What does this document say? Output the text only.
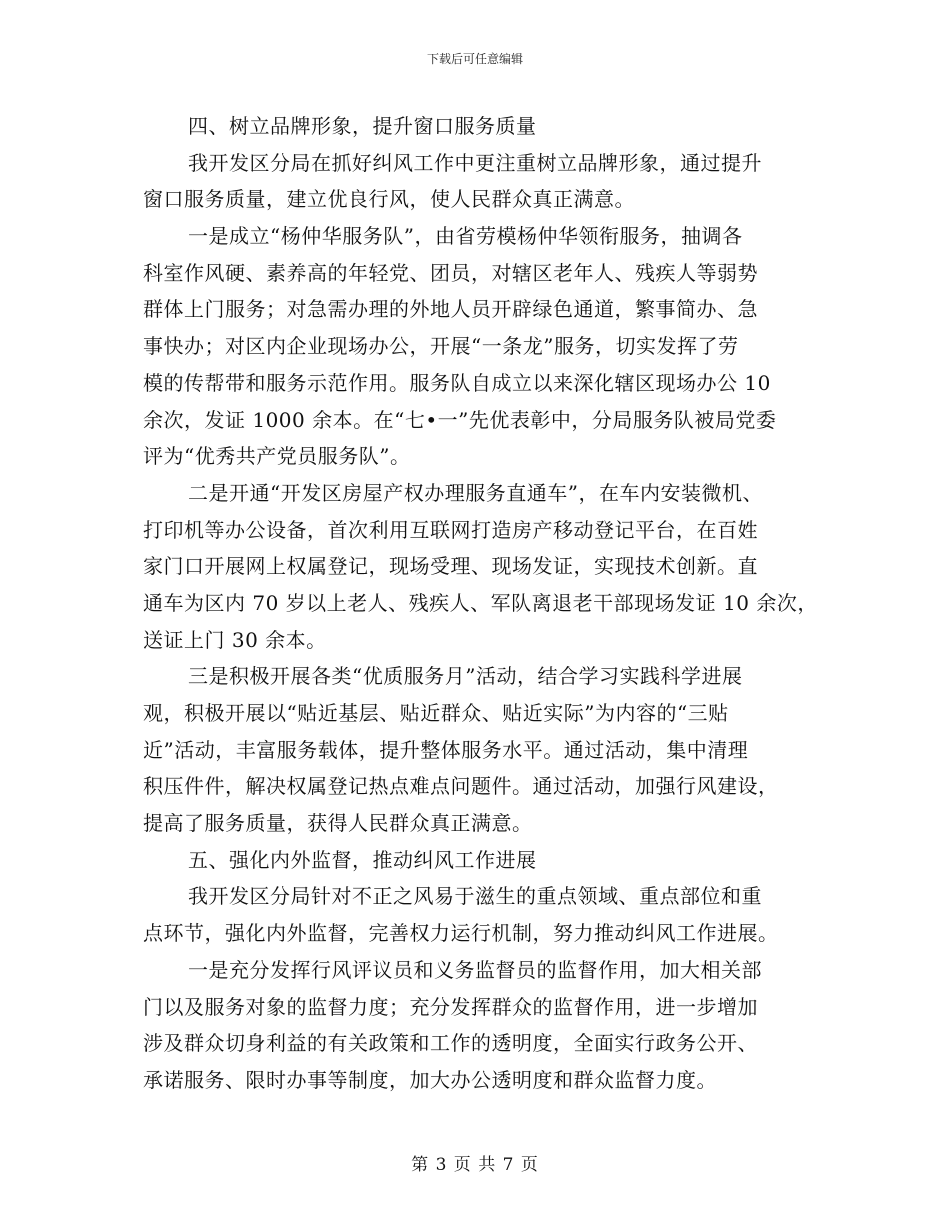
下载后可任意编辑
四、树立品牌形象，提升窗口服务质量
我开发区分局在抓好纠风工作中更注重树立品牌形象，通过提升
窗口服务质量，建立优良行风，使人民群众真正满意。
一是成立“杨仲华服务队”，由省劳模杨仲华领衔服务，抽调各
科室作风硬、素养高的年轻党、团员，对辖区老年人、残疾人等弱势
群体上门服务；对急需办理的外地人员开辟绿色通道，繁事简办、急
事快办；对区内企业现场办公，开展“一条龙”服务，切实发挥了劳
模的传帮带和服务示范作用。服务队自成立以来深化辖区现场办公 10
余次，发证 1000 余本。在“七•一”先优表彰中，分局服务队被局党委
评为“优秀共产党员服务队”。
二是开通“开发区房屋产权办理服务直通车”，在车内安装微机、
打印机等办公设备，首次利用互联网打造房产移动登记平台，在百姓
家门口开展网上权属登记，现场受理、现场发证，实现技术创新。直
通车为区内 70 岁以上老人、残疾人、军队离退老干部现场发证 10 余次，
送证上门 30 余本。
三是积极开展各类“优质服务月”活动，结合学习实践科学进展
观，积极开展以“贴近基层、贴近群众、贴近实际”为内容的“三贴
近”活动，丰富服务载体，提升整体服务水平。通过活动，集中清理
积压件件，解决权属登记热点难点问题件。通过活动，加强行风建设，
提高了服务质量，获得人民群众真正满意。
五、强化内外监督，推动纠风工作进展
我开发区分局针对不正之风易于滋生的重点领域、重点部位和重
点环节，强化内外监督，完善权力运行机制，努力推动纠风工作进展。
一是充分发挥行风评议员和义务监督员的监督作用，加大相关部
门以及服务对象的监督力度；充分发挥群众的监督作用，进一步增加
涉及群众切身利益的有关政策和工作的透明度，全面实行政务公开、
承诺服务、限时办事等制度，加大办公透明度和群众监督力度。
第 3 页 共 7 页
